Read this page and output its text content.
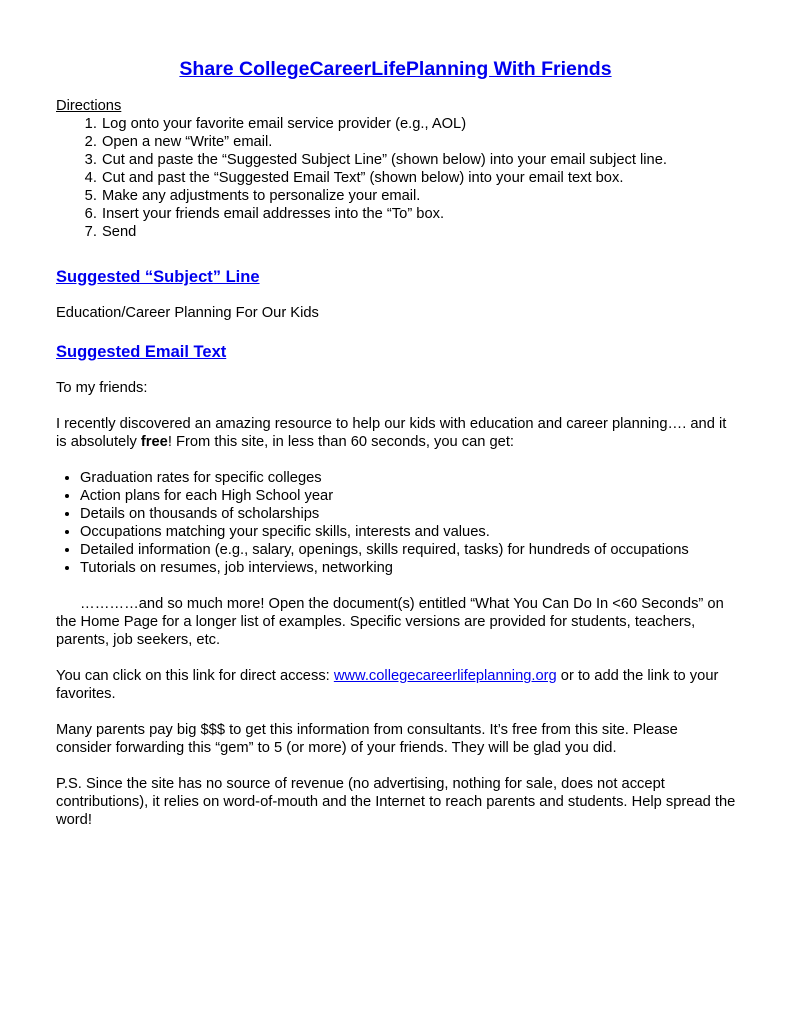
Share CollegeCareerLifePlanning With Friends

Directions

1. Log onto your favorite email service provider (e.g., AOL)
2. Open a new “Write” email.
3. Cut and paste the “Suggested Subject Line” (shown below) into your email subject line.
4. Cut and past the “Suggested Email Text” (shown below) into your email text box.
5. Make any adjustments to personalize your email.
6. Insert your friends email addresses into the “To” box.
7. Send
Suggested “Subject” Line

Education/Career Planning For Our Kids

Suggested Email Text

To my friends:

I recently discovered an amazing resource to help our kids with education and career planning…. and it is absolutely free! From this site, in less than 60 seconds, you can get:

• Graduation rates for specific colleges
• Action plans for each High School year
• Details on thousands of scholarships
• Occupations matching your specific skills, interests and values.
• Detailed information (e.g., salary, openings, skills required, tasks) for hundreds of occupations
• Tutorials on resumes, job interviews, networking

…………and so much more! Open the document(s) entitled “What You Can Do In <60 Seconds” on the Home Page for a longer list of examples. Specific versions are provided for students, teachers, parents, job seekers, etc.

You can click on this link for direct access: www.collegecareerlifeplanning.org or to add the link to your favorites.

Many parents pay big $$$ to get this information from consultants. It’s free from this site. Please consider forwarding this “gem” to 5 (or more) of your friends. They will be glad you did.

P.S. Since the site has no source of revenue (no advertising, nothing for sale, does not accept contributions), it relies on word-of-mouth and the Internet to reach parents and students. Help spread the word!
